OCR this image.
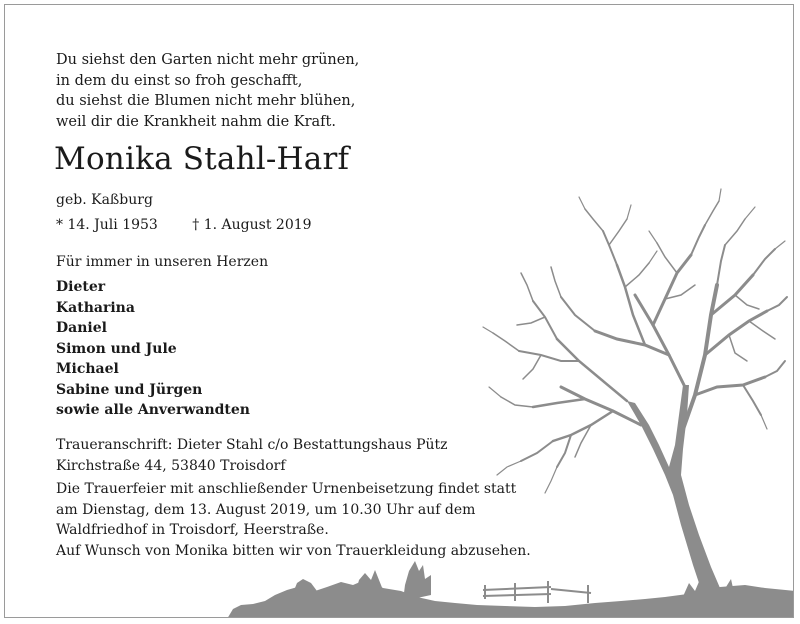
Du siehst den Garten nicht mehr grünen,
in dem du einst so froh geschafft,
du siehst die Blumen nicht mehr blühen,
weil dir die Krankheit nahm die Kraft.
Monika Stahl-Harf
geb. Kaßburg
* 14. Juli 1953 † 1. August 2019
Für immer in unseren Herzen
Dieter
Katharina
Daniel
Simon und Jule
Michael
Sabine und Jürgen
sowie alle Anverwandten
Traueranschrift: Dieter Stahl c/o Bestattungshaus Pütz
Kirchstraße 44, 53840 Troisdorf
Die Trauerfeier mit anschließender Urnenbeisetzung findet statt
am Dienstag, dem 13. August 2019, um 10.30 Uhr auf dem
Waldfriedhof in Troisdorf, Heerstraße.
Auf Wunsch von Monika bitten wir von Trauerkleidung abzusehen.
